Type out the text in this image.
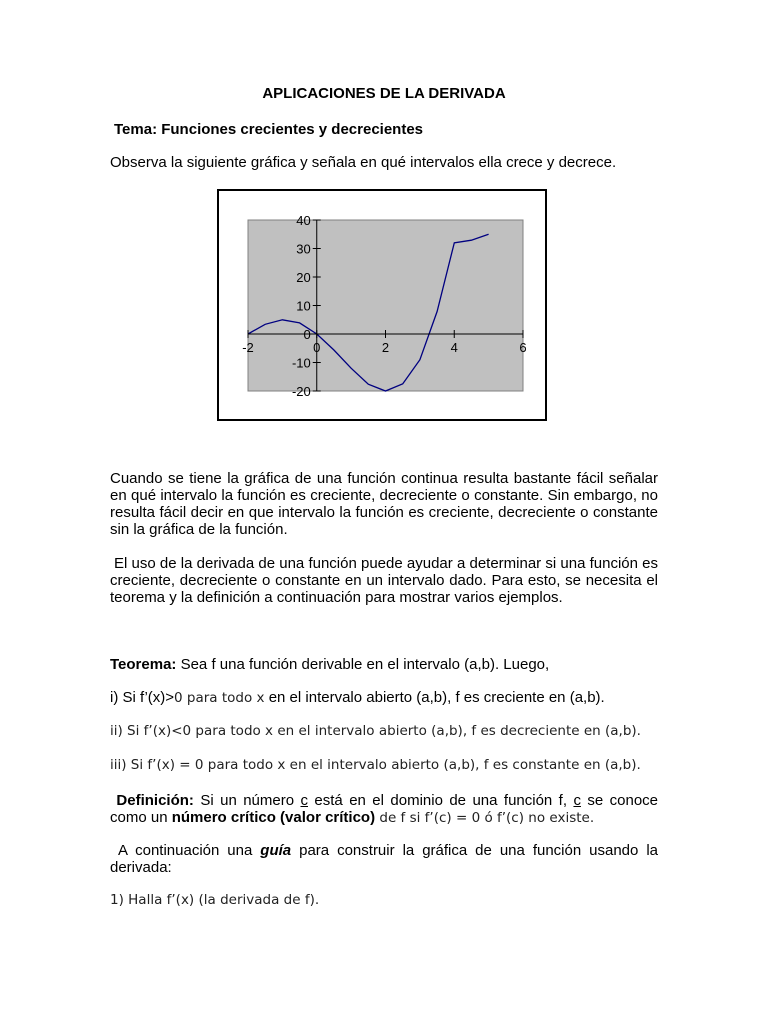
APLICACIONES DE LA DERIVADA
Tema: Funciones crecientes y decrecientes
Observa la siguiente gráfica y señala en qué intervalos ella crece y decrece.
40
30
20
10
0
-10
-20
-2	0	2	4	6
Cuando se tiene la gráfica de una función continua resulta bastante fácil señalar en qué intervalo la función es creciente, decreciente o constante. Sin embargo, no resulta fácil decir en que intervalo la función es creciente, decreciente o constante sin la gráfica de la función.
El uso de la derivada de una función puede ayudar a determinar si una función es creciente, decreciente o constante en un intervalo dado. Para esto, se necesita el teorema y la definición a continuación para mostrar varios ejemplos.
Teorema: Sea f una función derivable en el intervalo (a,b). Luego,
i) Si f’(x)>0 para todo x en el intervalo abierto (a,b), f es creciente en (a,b).
ii) Si f’(x)<0 para todo x en el intervalo abierto (a,b), f es decreciente en (a,b).
iii) Si f’(x) = 0 para todo x en el intervalo abierto (a,b), f es constante en (a,b).
Definición: Si un número c está en el dominio de una función f, c se conoce como un número crítico (valor crítico) de f si f’(c) = 0 ó f’(c) no existe.
A continuación una guía para construir la gráfica de una función usando la derivada:
1) Halla f’(x) (la derivada de f).
